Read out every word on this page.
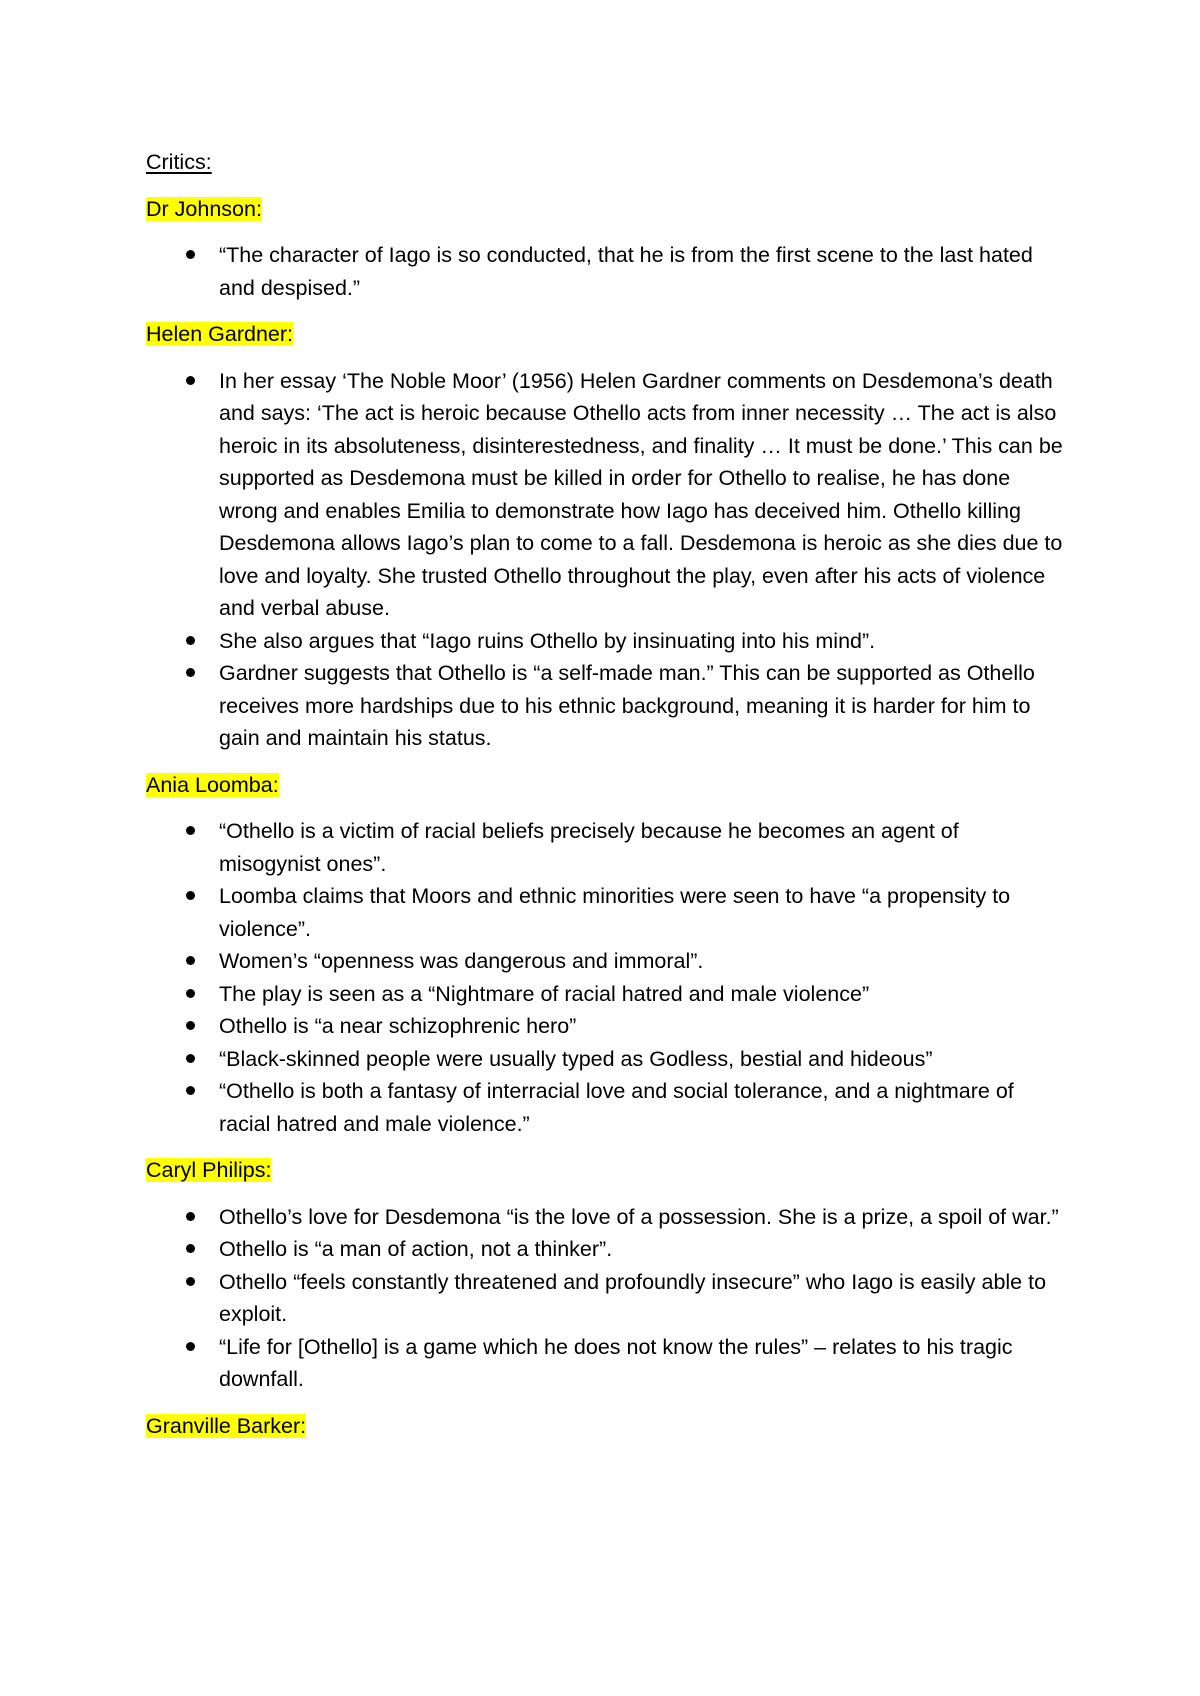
Critics:

Dr Johnson:

“The character of Iago is so conducted, that he is from the first scene to the last hated and despised.”

Helen Gardner:

In her essay ‘The Noble Moor’ (1956) Helen Gardner comments on Desdemona’s death and says: ‘The act is heroic because Othello acts from inner necessity … The act is also heroic in its absoluteness, disinterestedness, and finality … It must be done.’ This can be supported as Desdemona must be killed in order for Othello to realise, he has done wrong and enables Emilia to demonstrate how Iago has deceived him. Othello killing Desdemona allows Iago’s plan to come to a fall. Desdemona is heroic as she dies due to love and loyalty. She trusted Othello throughout the play, even after his acts of violence and verbal abuse.
She also argues that “Iago ruins Othello by insinuating into his mind”.
Gardner suggests that Othello is “a self-made man.” This can be supported as Othello receives more hardships due to his ethnic background, meaning it is harder for him to gain and maintain his status.

Ania Loomba:

“Othello is a victim of racial beliefs precisely because he becomes an agent of misogynist ones”.
Loomba claims that Moors and ethnic minorities were seen to have “a propensity to violence”.
Women’s “openness was dangerous and immoral”.
The play is seen as a “Nightmare of racial hatred and male violence”
Othello is “a near schizophrenic hero”
“Black-skinned people were usually typed as Godless, bestial and hideous”
“Othello is both a fantasy of interracial love and social tolerance, and a nightmare of racial hatred and male violence.”

Caryl Philips:

Othello’s love for Desdemona “is the love of a possession. She is a prize, a spoil of war.”
Othello is “a man of action, not a thinker”.
Othello “feels constantly threatened and profoundly insecure” who Iago is easily able to exploit.
“Life for [Othello] is a game which he does not know the rules” – relates to his tragic downfall.

Granville Barker:
